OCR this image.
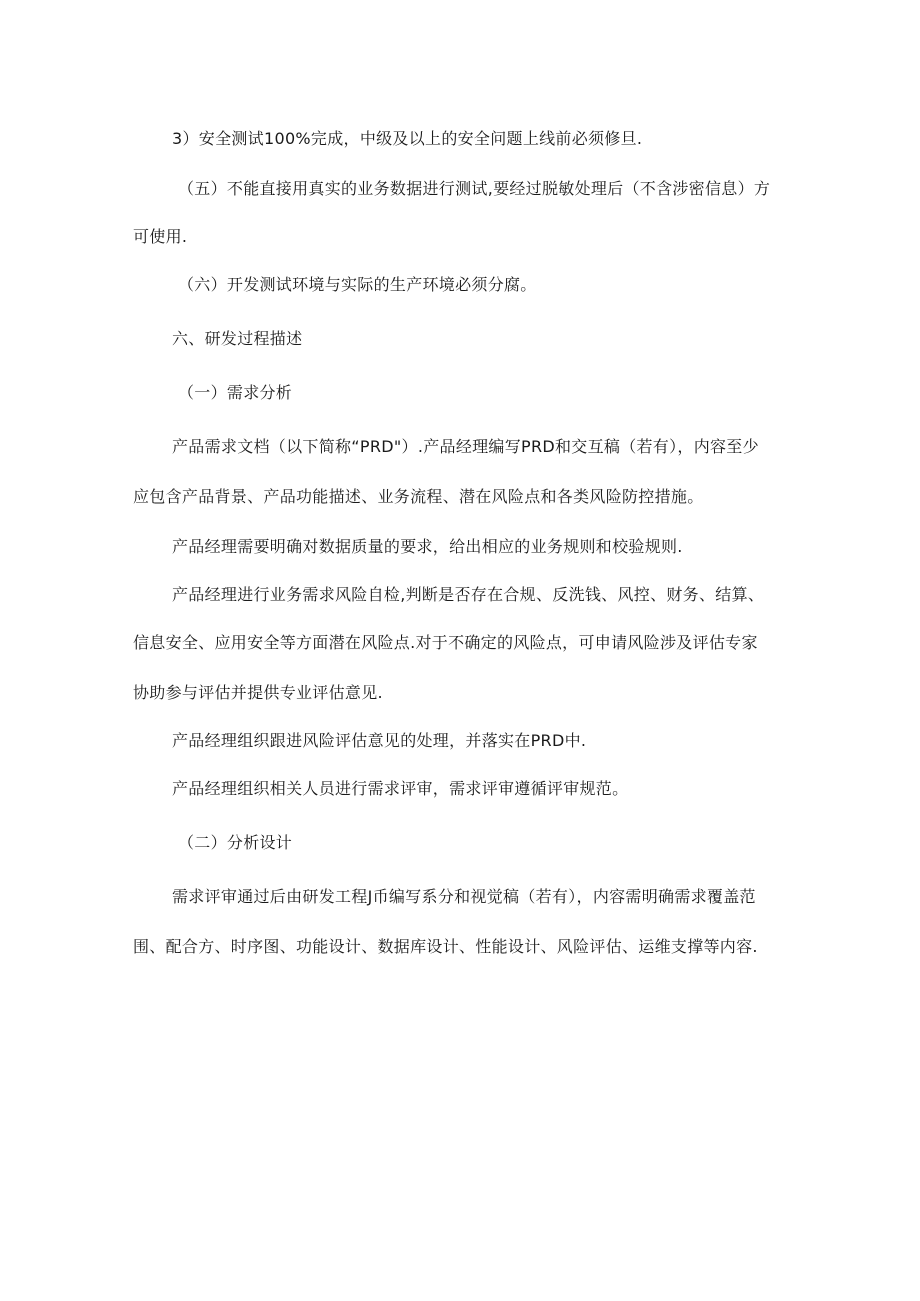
3）安全测试100%完成，中级及以上的安全问题上线前必须修旦.
（五）不能直接用真实的业务数据进行测试,要经过脱敏处理后（不含涉密信息）方
可使用.
（六）开发测试环境与实际的生产环境必须分腐。
六、研发过程描述
（一）需求分析
产品需求文档（以下简称“PRD"）.产品经理编写PRD和交互稿（若有），内容至少
应包含产品背景、产品功能描述、业务流程、潜在风险点和各类风险防控措施。
产品经理需要明确对数据质量的要求，给出相应的业务规则和校验规则.
产品经理进行业务需求风险自检,判断是否存在合规、反洗钱、风控、财务、结算、
信息安全、应用安全等方面潜在风险点.对于不确定的风险点，可申请风险涉及评估专家
协助参与评估并提供专业评估意见.
产品经理组织跟进风险评估意见的处理，并落实在PRD中.
产品经理组织相关人员进行需求评审，需求评审遵循评审规范。
（二）分析设计
需求评审通过后由研发工程J币编写系分和视觉稿（若有），内容需明确需求覆盖范
围、配合方、时序图、功能设计、数据库设计、性能设计、风险评估、运维支撑等内容.
